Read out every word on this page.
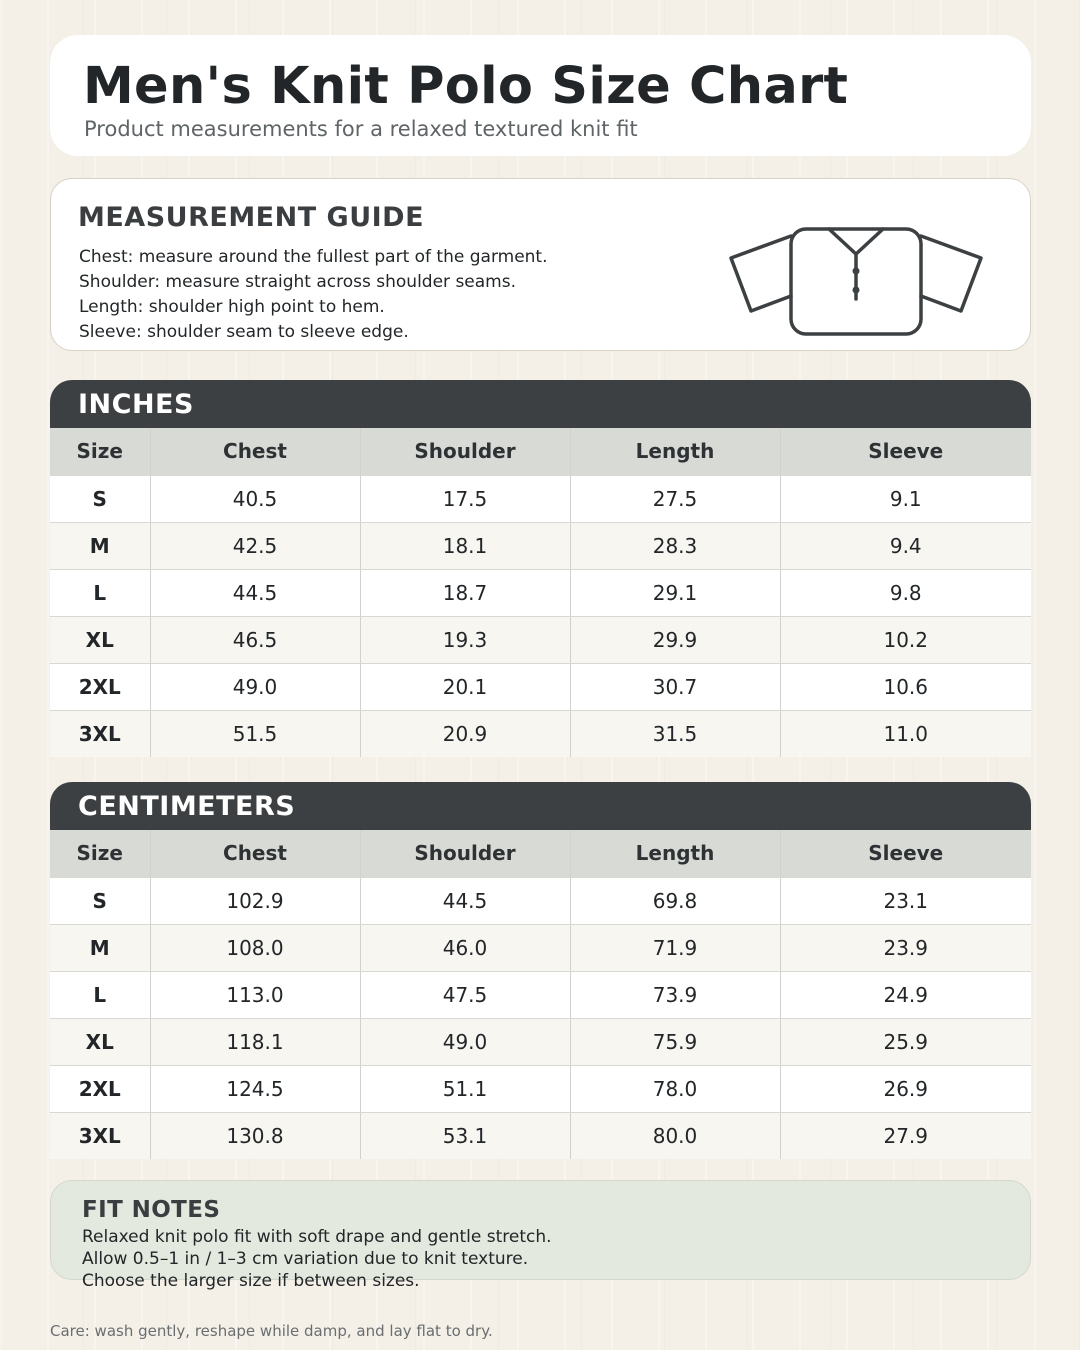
Men's Knit Polo Size Chart

Product measurements for a relaxed textured knit fit

MEASUREMENT GUIDE
Chest: measure around the fullest part of the garment.
Shoulder: measure straight across shoulder seams.
Length: shoulder high point to hem.
Sleeve: shoulder seam to sleeve edge.
INCHES
Size	Chest	Shoulder	Length	Sleeve
S	40.5	17.5	27.5	9.1
M	42.5	18.1	28.3	9.4
L	44.5	18.7	29.1	9.8
XL	46.5	19.3	29.9	10.2
2XL	49.0	20.1	30.7	10.6
3XL	51.5	20.9	31.5	11.0
CENTIMETERS
Size	Chest	Shoulder	Length	Sleeve
S	102.9	44.5	69.8	23.1
M	108.0	46.0	71.9	23.9
L	113.0	47.5	73.9	24.9
XL	118.1	49.0	75.9	25.9
2XL	124.5	51.1	78.0	26.9
3XL	130.8	53.1	80.0	27.9
FIT NOTES
Relaxed knit polo fit with soft drape and gentle stretch.
Allow 0.5–1 in / 1–3 cm variation due to knit texture.
Choose the larger size if between sizes.
Care: wash gently, reshape while damp, and lay flat to dry.
